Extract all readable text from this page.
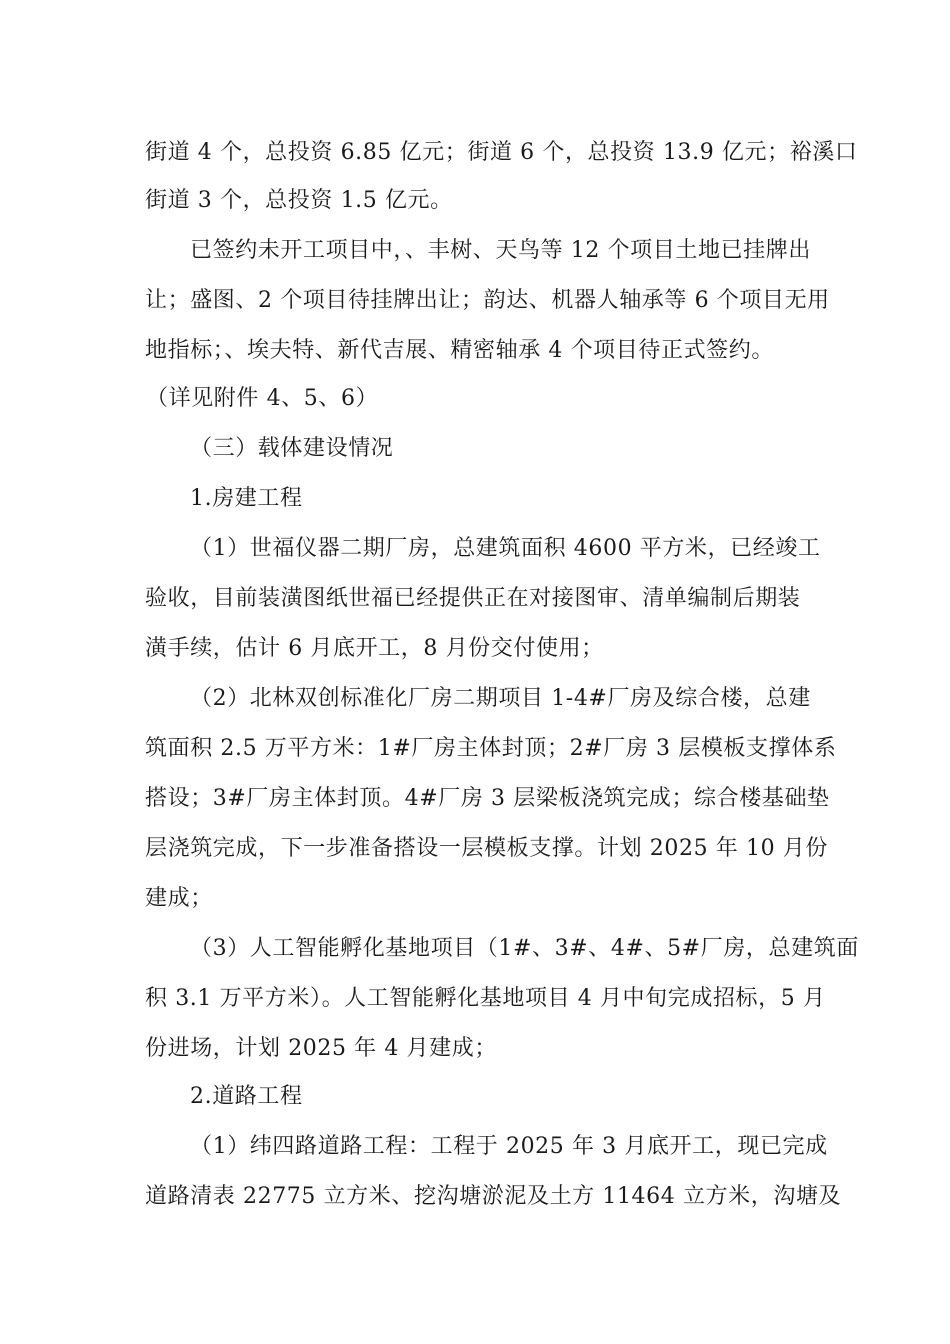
街道 4 个，总投资 6.85 亿元；街道 6 个，总投资 13.9 亿元；裕溪口

街道 3 个，总投资 1.5 亿元。

已签约未开工项目中，、丰树、天鸟等 12 个项目土地已挂牌出

让；盛图、2 个项目待挂牌出让；韵达、机器人轴承等 6 个项目无用

地指标；、埃夫特、新代吉展、精密轴承 4 个项目待正式签约。

（详见附件 4、5、6）

（三）载体建设情况

1.房建工程

（1）世福仪器二期厂房，总建筑面积 4600 平方米，已经竣工

验收，目前装潢图纸世福已经提供正在对接图审、清单编制后期装

潢手续，估计 6 月底开工，8 月份交付使用；

（2）北林双创标准化厂房二期项目 1-4#厂房及综合楼，总建

筑面积 2.5 万平方米：1#厂房主体封顶；2#厂房 3 层模板支撑体系

搭设；3#厂房主体封顶。4#厂房 3 层梁板浇筑完成；综合楼基础垫

层浇筑完成，下一步准备搭设一层模板支撑。计划 2025 年 10 月份

建成；

（3）人工智能孵化基地项目（1#、3#、4#、5#厂房，总建筑面

积 3.1 万平方米）。人工智能孵化基地项目 4 月中旬完成招标，5 月

份进场，计划 2025 年 4 月建成；

2.道路工程

（1）纬四路道路工程：工程于 2025 年 3 月底开工，现已完成

道路清表 22775 立方米、挖沟塘淤泥及土方 11464 立方米，沟塘及
